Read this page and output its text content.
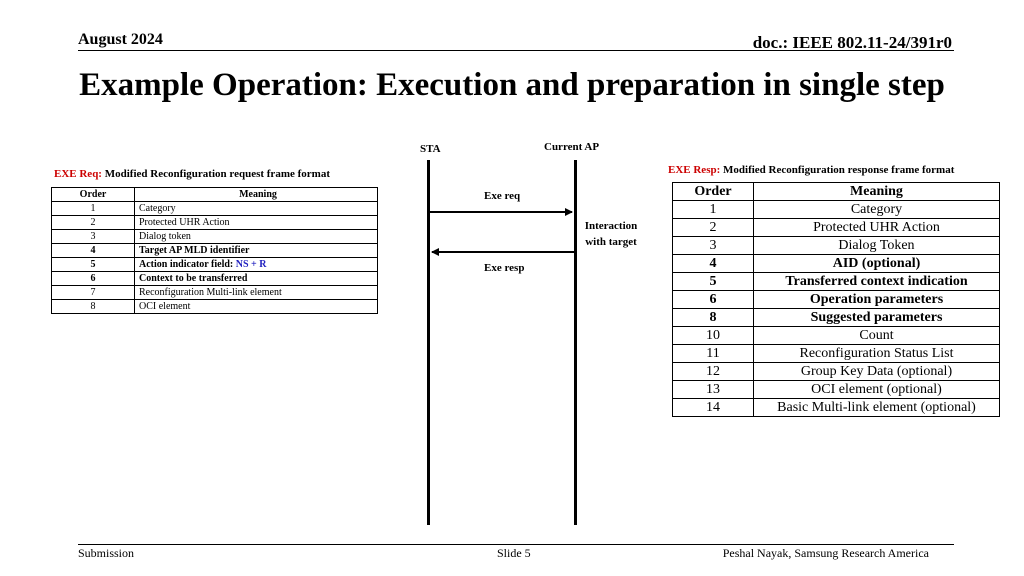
August 2024	doc.: IEEE 802.11-24/391r0
Example Operation: Execution and preparation in single step
STA	Current AP
Exe req
Exe resp
Interaction with target
EXE Req: Modified Reconfiguration request frame format
Order	Meaning
1	Category
2	Protected UHR Action
3	Dialog token
4	Target AP MLD identifier
5	Action indicator field: NS + R
6	Context to be transferred
7	Reconfiguration Multi-link element
8	OCI element
EXE Resp: Modified Reconfiguration response frame format
Order	Meaning
1	Category
2	Protected UHR Action
3	Dialog Token
4	AID (optional)
5	Transferred context indication
6	Operation parameters
8	Suggested parameters
10	Count
11	Reconfiguration Status List
12	Group Key Data (optional)
13	OCI element (optional)
14	Basic Multi-link element (optional)
Submission	Slide 5	Peshal Nayak, Samsung Research America
